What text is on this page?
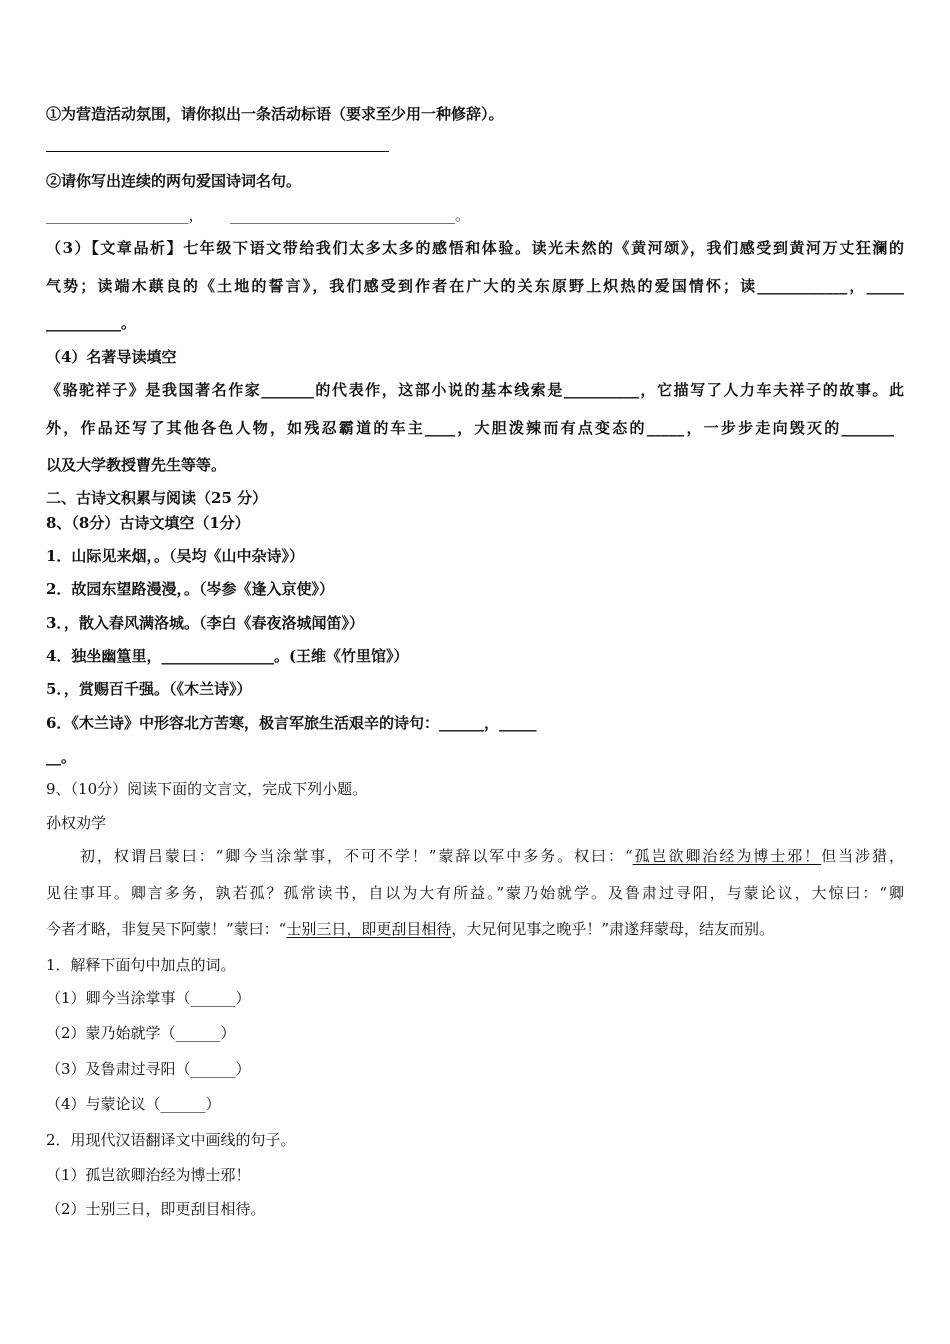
①为营造活动氛围，请你拟出一条活动标语（要求至少用一种修辞）。
②请你写出连续的两句爱国诗词名句。
___________________， ______________________________。
（3）【文章品析】七年级下语文带给我们太多太多的感悟和体验。读光未然的《黄河颂》，我们感受到黄河万丈狂澜的
气势；读端木蕻良的《土地的誓言》，我们感受到作者在广大的关东原野上炽热的爱国情怀；读____________，_____
__________。
（4）名著导读填空
《骆驼祥子》是我国著名作家_______的代表作，这部小说的基本线索是__________，它描写了人力车夫祥子的故事。此
外，作品还写了其他各色人物，如残忍霸道的车主____，大胆泼辣而有点变态的_____，一步步走向毁灭的_______
以及大学教授曹先生等等。
二、古诗文积累与阅读（25 分）
8、（8分）古诗文填空（1分）
1．山际见来烟，。（吴均《山中杂诗》）
2．故园东望路漫漫，。（岑参《逢入京使》）
3．，散入春风满洛城。（李白《春夜洛城闻笛》）
4．独坐幽篁里，_______________。(王维《竹里馆》）
5．，赏赐百千强。（《木兰诗》）
6．《木兰诗》中形容北方苦寒，极言军旅生活艰辛的诗句：______，_____
__。
9、（10分）阅读下面的文言文，完成下列小题。
孙权劝学
初，权谓吕蒙曰：“卿今当涂掌事，不可不学！”蒙辞以军中多务。权曰：“孤岂欲卿治经为博士邪！但当涉猎，
见往事耳。卿言多务，孰若孤？孤常读书，自以为大有所益。”蒙乃始就学。及鲁肃过寻阳，与蒙论议，大惊曰：“卿
今者才略，非复吴下阿蒙！”蒙曰：“士别三日，即更刮目相待，大兄何见事之晚乎！”肃遂拜蒙母，结友而别。
1．解释下面句中加点的词。
（1）卿今当涂掌事（______）
（2）蒙乃始就学（______）
（3）及鲁肃过寻阳（______）
（4）与蒙论议（______）
2．用现代汉语翻译文中画线的句子。
（1）孤岂欲卿治经为博士邪！
（2）士别三日，即更刮目相待。
